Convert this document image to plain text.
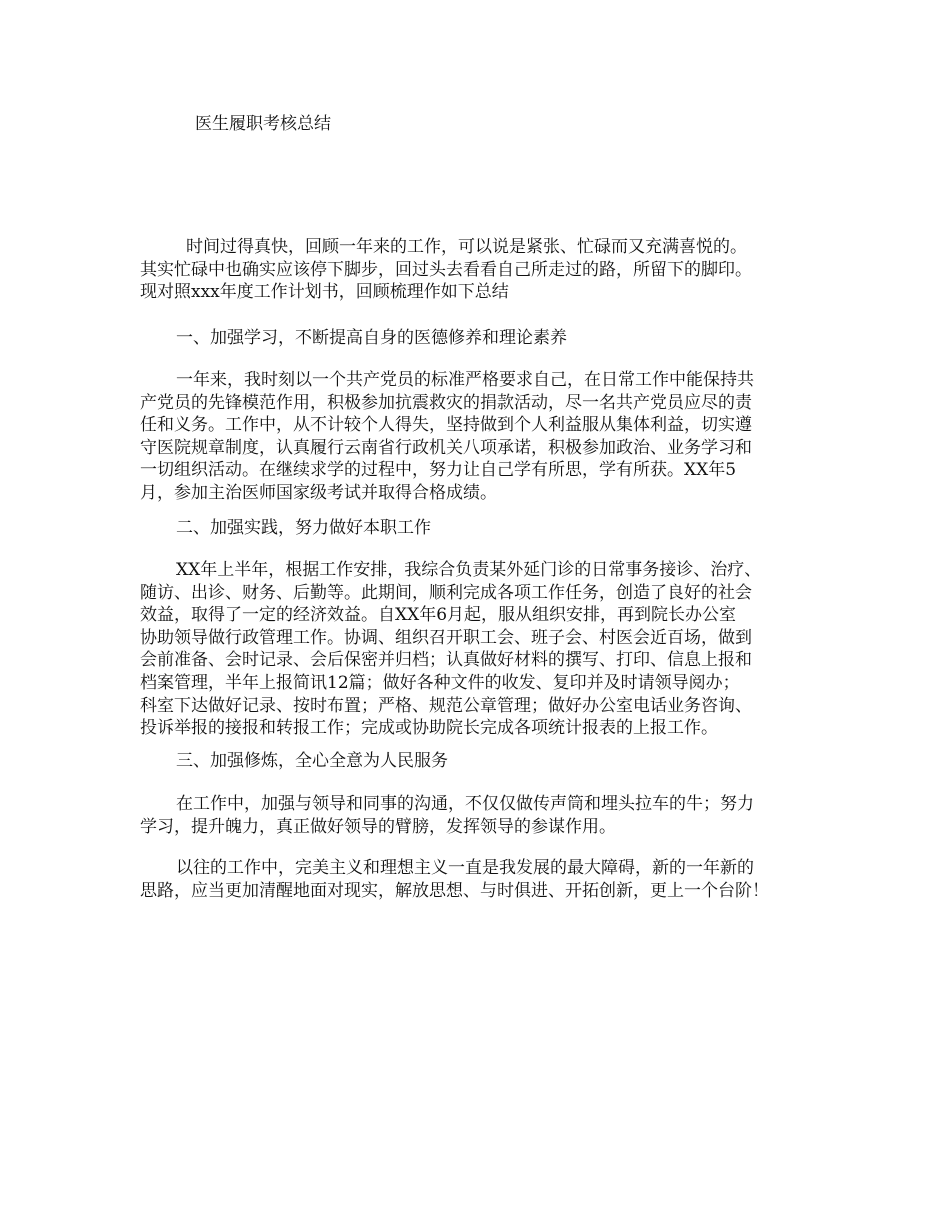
医生履职考核总结
时间过得真快，回顾一年来的工作，可以说是紧张、忙碌而又充满喜悦的。
其实忙碌中也确实应该停下脚步，回过头去看看自己所走过的路，所留下的脚印。
现对照xxx年度工作计划书，回顾梳理作如下总结
一、加强学习，不断提高自身的医德修养和理论素养
一年来，我时刻以一个共产党员的标准严格要求自己，在日常工作中能保持共
产党员的先锋模范作用，积极参加抗震救灾的捐款活动，尽一名共产党员应尽的责
任和义务。工作中，从不计较个人得失，坚持做到个人利益服从集体利益，切实遵
守医院规章制度，认真履行云南省行政机关八项承诺，积极参加政治、业务学习和
一切组织活动。在继续求学的过程中，努力让自己学有所思，学有所获。XX年5
月，参加主治医师国家级考试并取得合格成绩。
二、加强实践，努力做好本职工作
XX年上半年，根据工作安排，我综合负责某外延门诊的日常事务接诊、治疗、
随访、出诊、财务、后勤等。此期间，顺利完成各项工作任务，创造了良好的社会
效益，取得了一定的经济效益。自XX年6月起，服从组织安排，再到院长办公室
协助领导做行政管理工作。协调、组织召开职工会、班子会、村医会近百场，做到
会前准备、会时记录、会后保密并归档；认真做好材料的撰写、打印、信息上报和
档案管理，半年上报简讯12篇；做好各种文件的收发、复印并及时请领导阅办；
科室下达做好记录、按时布置；严格、规范公章管理；做好办公室电话业务咨询、
投诉举报的接报和转报工作；完成或协助院长完成各项统计报表的上报工作。
三、加强修炼，全心全意为人民服务
在工作中，加强与领导和同事的沟通，不仅仅做传声筒和埋头拉车的牛；努力
学习，提升魄力，真正做好领导的臂膀，发挥领导的参谋作用。
以往的工作中，完美主义和理想主义一直是我发展的最大障碍，新的一年新的
思路，应当更加清醒地面对现实，解放思想、与时俱进、开拓创新，更上一个台阶！
